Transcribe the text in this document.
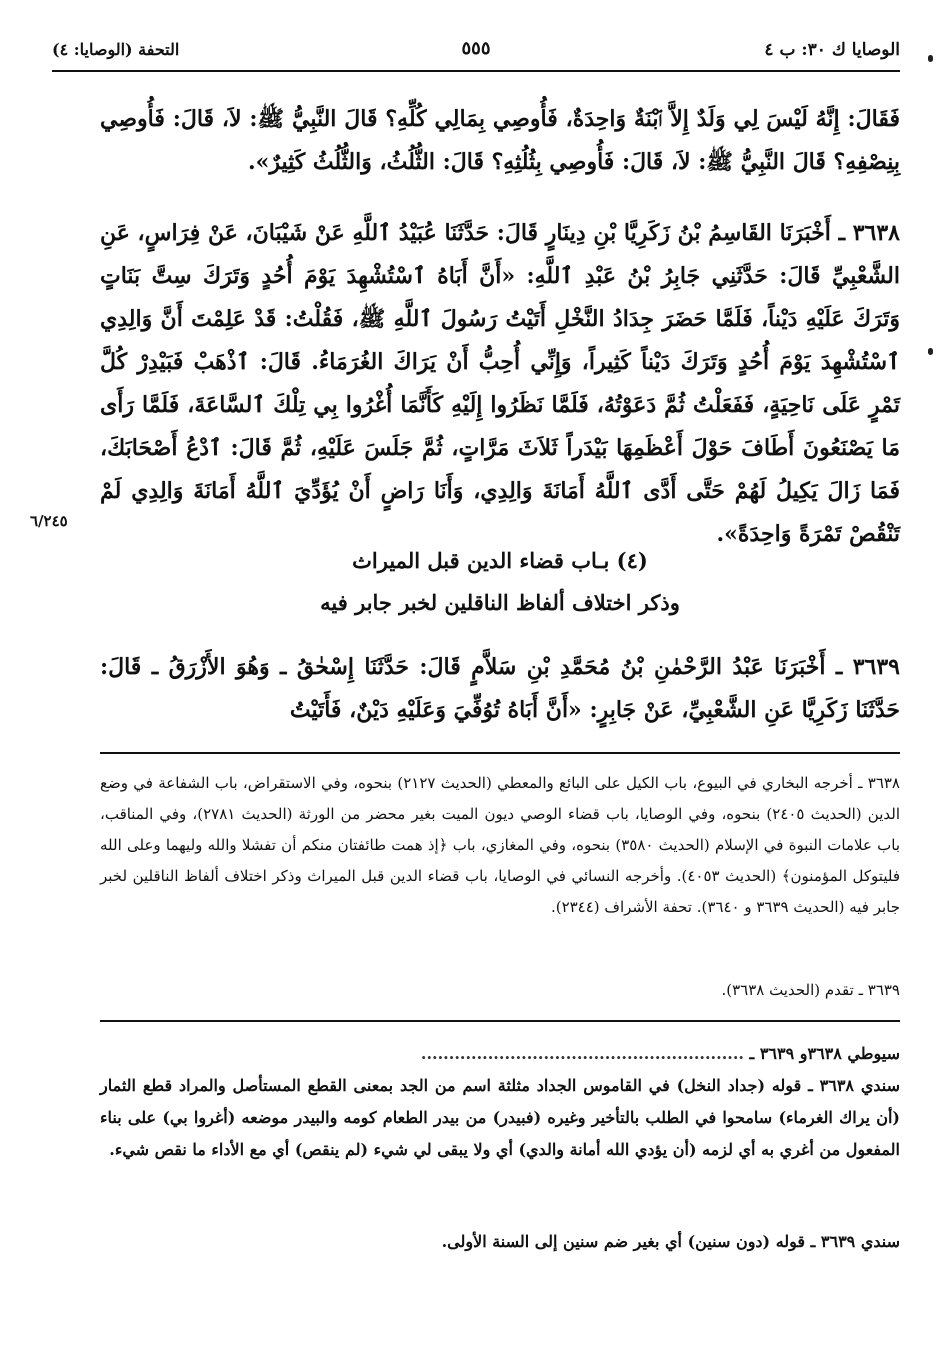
الوصايا ك ٣٠: ب ٤
٥٥٥
التحفة (الوصايا: ٤)
فَقَالَ: إِنَّهُ لَيْسَ لِي وَلَدٌ إِلاَّ ٱبْنَةٌ وَاحِدَةٌ، فَأُوصِي بِمَالِي كُلِّهِ؟ قَالَ النَّبِيُّ ﷺ: لاَ، قَالَ: فَأُوصِي بِنِصْفِهِ؟ قَالَ النَّبِيُّ ﷺ: لاَ، قَالَ: فَأُوصِي بِثُلُثِهِ؟ قَالَ: الثُّلُثُ، وَالثُّلُثُ كَثِيرٌ».
٣٦٣٨ ـ أَخْبَرَنَا القَاسِمُ بْنُ زَكَرِيَّا بْنِ دِينَارٍ قَالَ: حَدَّثَنَا عُبَيْدُ ٱللَّهِ عَنْ شَيْبَانَ، عَنْ فِرَاسٍ، عَنِ الشَّعْبِيِّ قَالَ: حَدَّثَنِي جَابِرُ بْنُ عَبْدِ ٱللَّهِ: «أَنَّ أَبَاهُ ٱسْتُشْهِدَ يَوْمَ أُحُدٍ وَتَرَكَ سِتَّ بَنَاتٍ وَتَرَكَ عَلَيْهِ دَيْناً، فَلَمَّا حَضَرَ جِدَادُ النَّخْلِ أَتَيْتُ رَسُولَ ٱللَّهِ ﷺ، فَقُلْتُ: قَدْ عَلِمْتَ أَنَّ وَالِدِي ٱسْتُشْهِدَ يَوْمَ أُحُدٍ وَتَرَكَ دَيْناً كَثِيراً، وَإِنِّي أُحِبُّ أَنْ يَرَاكَ الغُرَمَاءُ. قَالَ: ٱذْهَبْ فَبَيْدِرْ كُلَّ تَمْرٍ عَلَى نَاحِيَةٍ، فَفَعَلْتُ ثُمَّ دَعَوْتُهُ، فَلَمَّا نَظَرُوا إِلَيْهِ كَأَنَّمَا أُغْرُوا بِي تِلْكَ ٱلسَّاعَةَ، فَلَمَّا رَأَى مَا يَصْنَعُونَ أَطَافَ حَوْلَ أَعْظَمِهَا بَيْدَراً ثَلاَثَ مَرَّاتٍ، ثُمَّ جَلَسَ عَلَيْهِ، ثُمَّ قَالَ: ٱدْعُ أَصْحَابَكَ، فَمَا زَالَ يَكِيلُ لَهُمْ حَتَّى أَدَّى ٱللَّهُ أَمَانَةَ وَالِدِي، وَأَنَا رَاضٍ أَنْ يُؤَدِّيَ ٱللَّهُ أَمَانَةَ وَالِدِي لَمْ تَنْقُصْ تَمْرَةً وَاحِدَةً».
٦/٢٤٥
(٤) بـاب قضاء الدين قبل الميراث
وذكر اختلاف ألفاظ الناقلين لخبر جابر فيه
٣٦٣٩ ـ أَخْبَرَنَا عَبْدُ الرَّحْمٰنِ بْنُ مُحَمَّدِ بْنِ سَلاَّمٍ قَالَ: حَدَّثَنَا إِسْحٰقُ ـ وَهُوَ الأَزْرَقُ ـ قَالَ: حَدَّثَنَا زَكَرِيَّا عَنِ الشَّعْبِيِّ، عَنْ جَابِرٍ: «أَنَّ أَبَاهُ تُوُفِّيَ وَعَلَيْهِ دَيْنٌ، فَأَتَيْتُ
٣٦٣٨ ـ أخرجه البخاري في البيوع، باب الكيل على البائع والمعطي (الحديث ٢١٢٧) بنحوه، وفي الاستقراض، باب الشفاعة في وضع الدين (الحديث ٢٤٠٥) بنحوه، وفي الوصايا، باب قضاء الوصي ديون الميت بغير محضر من الورثة (الحديث ٢٧٨١)، وفي المناقب، باب علامات النبوة في الإسلام (الحديث ٣٥٨٠) بنحوه، وفي المغازي، باب ﴿إذ همت طائفتان منكم أن تفشلا والله وليهما وعلى الله فليتوكل المؤمنون﴾ (الحديث ٤٠٥٣). وأخرجه النسائي في الوصايا، باب قضاء الدين قبل الميراث وذكر اختلاف ألفاظ الناقلين لخبر جابر فيه (الحديث ٣٦٣٩ و ٣٦٤٠). تحفة الأشراف (٢٣٤٤).
٣٦٣٩ ـ تقدم (الحديث ٣٦٣٨).
سيوطي ٣٦٣٨و ٣٦٣٩ ـ ..........................................................
سندي ٣٦٣٨ ـ قوله (جداد النخل) في القاموس الجداد مثلثة اسم من الجد بمعنى القطع المستأصل والمراد قطع الثمار (أن يراك الغرماء) سامحوا في الطلب بالتأخير وغيره (فبيدر) من بيدر الطعام كومه والبيدر موضعه (أغروا بي) على بناء المفعول من أغري به أي لزمه (أن يؤدي الله أمانة والدي) أي ولا يبقى لي شيء (لم ينقص) أي مع الأداء ما نقص شيء.
سندي ٣٦٣٩ ـ قوله (دون سنين) أي بغير ضم سنين إلى السنة الأولى.
